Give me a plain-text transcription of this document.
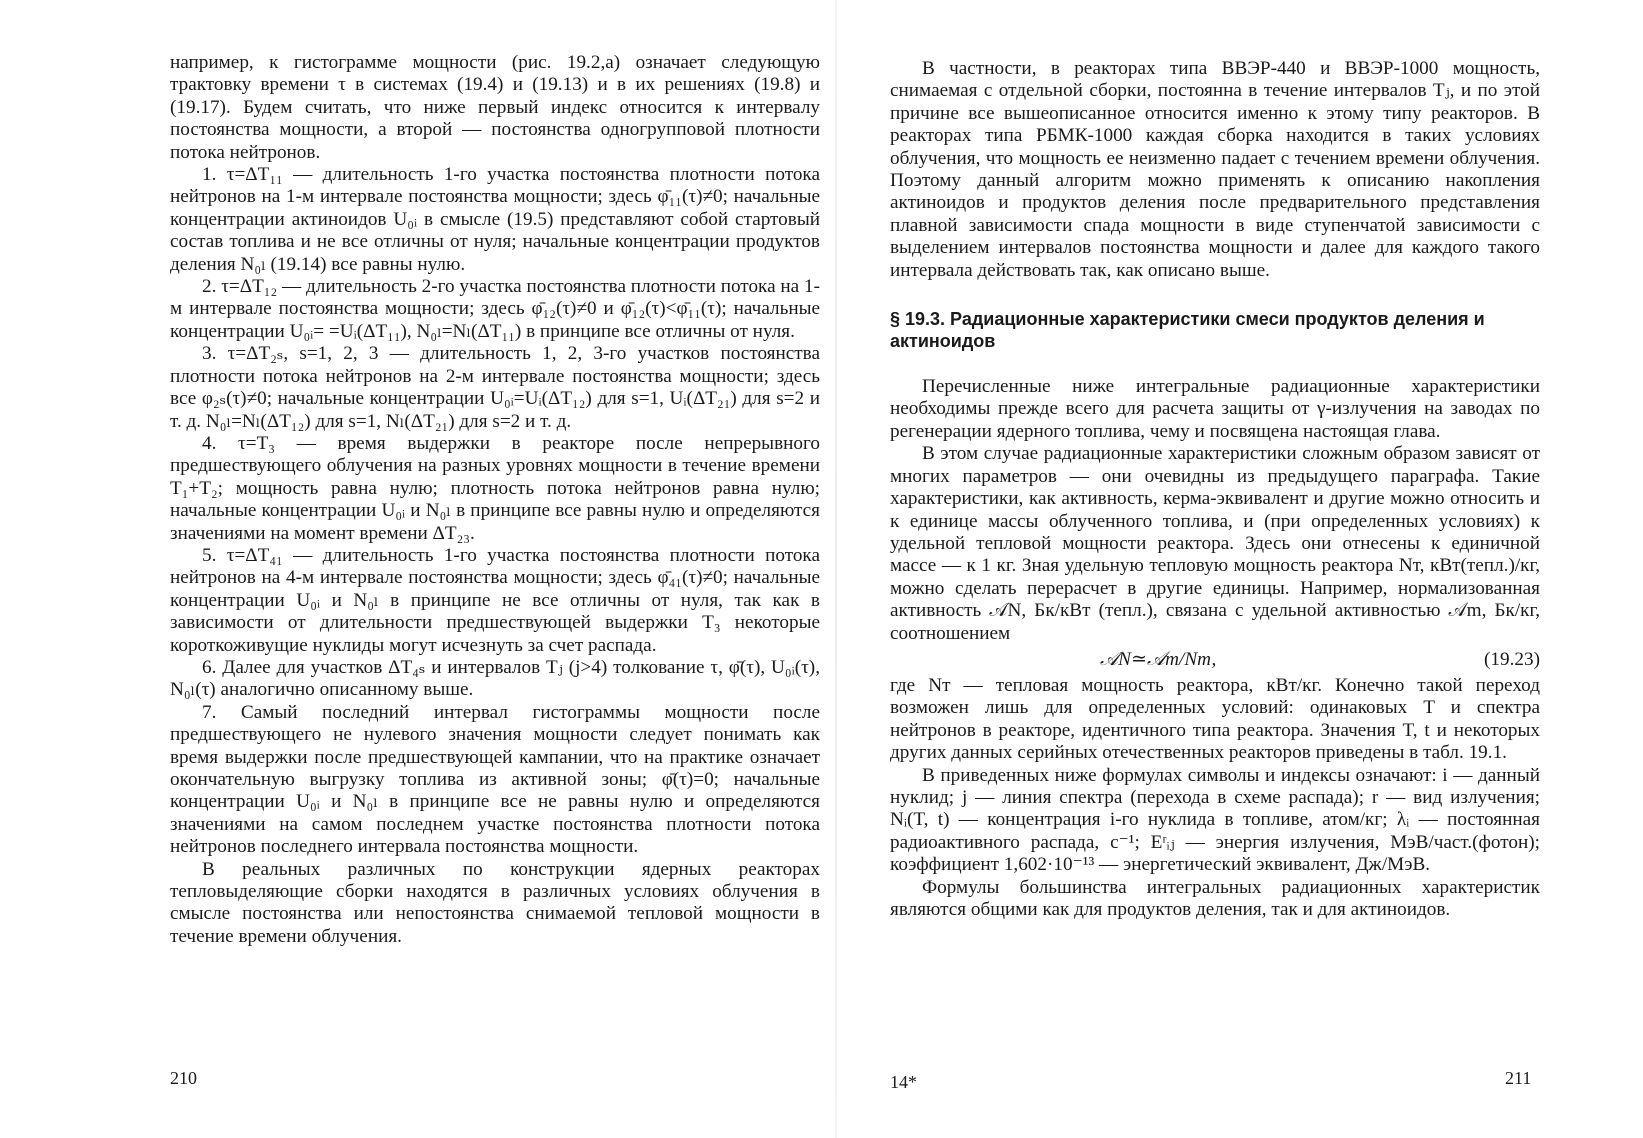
например, к гистограмме мощности (рис. 19.2,а) означает следующую трактовку времени τ в системах (19.4) и (19.13) и в их решениях (19.8) и (19.17). Будем считать, что ниже первый индекс относится к интервалу постоянства мощности, а второй — постоянства одногрупповой плотности потока нейтронов.

1. τ=ΔT₁₁ — длительность 1-го участка постоянства плотности потока нейтронов на 1-м интервале постоянства мощности; здесь φ̄₁₁(τ)≠0; начальные концентрации актиноидов U₀ᵢ в смысле (19.5) представляют собой стартовый состав топлива и не все отличны от нуля; начальные концентрации продуктов деления N₀ₗ (19.14) все равны нулю.

2. τ=ΔT₁₂ — длительность 2-го участка постоянства плотности потока на 1-м интервале постоянства мощности; здесь φ̄₁₂(τ)≠0 и φ̄₁₂(τ)<φ̄₁₁(τ); начальные концентрации U₀ᵢ= =Uᵢ(ΔT₁₁), N₀ₗ=Nₗ(ΔT₁₁) в принципе все отличны от нуля.

3. τ=ΔT₂ₛ, s=1, 2, 3 — длительность 1, 2, 3-го участков постоянства плотности потока нейтронов на 2-м интервале постоянства мощности; здесь все φ₂ₛ(τ)≠0; начальные концентрации U₀ᵢ=Uᵢ(ΔT₁₂) для s=1, Uᵢ(ΔT₂₁) для s=2 и т. д. N₀ₗ=Nₗ(ΔT₁₂) для s=1, Nₗ(ΔT₂₁) для s=2 и т. д.

4. τ=T₃ — время выдержки в реакторе после непрерывного предшествующего облучения на разных уровнях мощности в течение времени T₁+T₂; мощность равна нулю; плотность потока нейтронов равна нулю; начальные концентрации U₀ᵢ и N₀ₗ в принципе все равны нулю и определяются значениями на момент времени ΔT₂₃.

5. τ=ΔT₄₁ — длительность 1-го участка постоянства плотности потока нейтронов на 4-м интервале постоянства мощности; здесь φ̄₄₁(τ)≠0; начальные концентрации U₀ᵢ и N₀ₗ в принципе не все отличны от нуля, так как в зависимости от длительности предшествующей выдержки T₃ некоторые короткоживущие нуклиды могут исчезнуть за счет распада.

6. Далее для участков ΔT₄ₛ и интервалов Tⱼ (j>4) толкование τ, φ̄(τ), U₀ᵢ(τ), N₀ₗ(τ) аналогично описанному выше.

7. Самый последний интервал гистограммы мощности после предшествующего не нулевого значения мощности следует понимать как время выдержки после предшествующей кампании, что на практике означает окончательную выгрузку топлива из активной зоны; φ̄(τ)=0; начальные концентрации U₀ᵢ и N₀ₗ в принципе все не равны нулю и определяются значениями на самом последнем участке постоянства плотности потока нейтронов последнего интервала постоянства мощности.

В реальных различных по конструкции ядерных реакторах тепловыделяющие сборки находятся в различных условиях облучения в смысле постоянства или непостоянства снимаемой тепловой мощности в течение времени облучения.

210

В частности, в реакторах типа ВВЭР-440 и ВВЭР-1000 мощность, снимаемая с отдельной сборки, постоянна в течение интервалов Tⱼ, и по этой причине все вышеописанное относится именно к этому типу реакторов. В реакторах типа РБМК-1000 каждая сборка находится в таких условиях облучения, что мощность ее неизменно падает с течением времени облучения. Поэтому данный алгоритм можно применять к описанию накопления актиноидов и продуктов деления после предварительного представления плавной зависимости спада мощности в виде ступенчатой зависимости с выделением интервалов постоянства мощности и далее для каждого такого интервала действовать так, как описано выше.

§ 19.3. Радиационные характеристики смеси продуктов деления и актиноидов

Перечисленные ниже интегральные радиационные характеристики необходимы прежде всего для расчета защиты от γ-излучения на заводах по регенерации ядерного топлива, чему и посвящена настоящая глава.

В этом случае радиационные характеристики сложным образом зависят от многих параметров — они очевидны из предыдущего параграфа. Такие характеристики, как активность, керма-эквивалент и другие можно относить и к единице массы облученного топлива, и (при определенных условиях) к удельной тепловой мощности реактора. Здесь они отнесены к единичной массе — к 1 кг. Зная удельную тепловую мощность реактора Nт, кВт(тепл.)/кг, можно сделать перерасчет в другие единицы. Например, нормализованная активность 𝒜N, Бк/кВт (тепл.), связана с удельной активностью 𝒜m, Бк/кг, соотношением

𝒜N≃𝒜m/Nт,	(19.23)

где Nт — тепловая мощность реактора, кВт/кг. Конечно такой переход возможен лишь для определенных условий: одинаковых T и спектра нейтронов в реакторе, идентичного типа реактора. Значения T, t и некоторых других данных серийных отечественных реакторов приведены в табл. 19.1.

В приведенных ниже формулах символы и индексы означают: i — данный нуклид; j — линия спектра (перехода в схеме распада); r — вид излучения; Nᵢ(T, t) — концентрация i-го нуклида в топливе, атом/кг; λᵢ — постоянная радиоактивного распада, с⁻¹; Eʳᵢⱼ — энергия излучения, МэВ/част.(фотон); коэффициент 1,602·10⁻¹³ — энергетический эквивалент, Дж/МэВ.

Формулы большинства интегральных радиационных характеристик являются общими как для продуктов деления, так и для актиноидов.

14*	211
